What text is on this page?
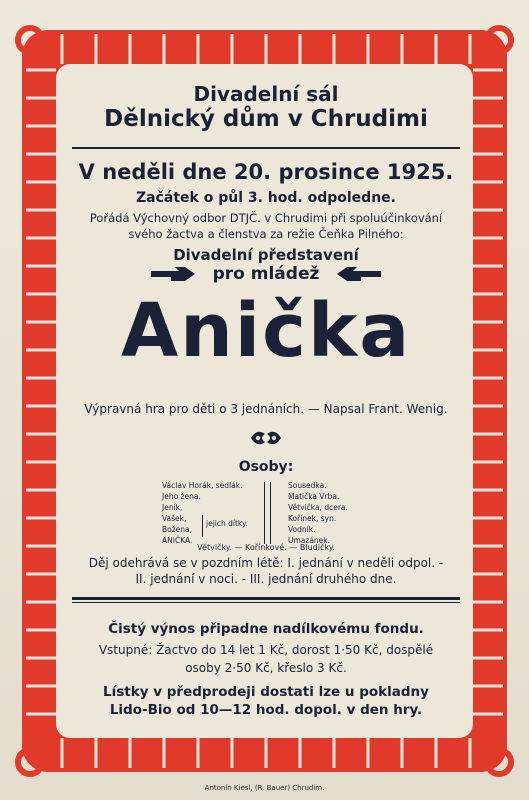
Divadelní sál
Dělnický dům v Chrudimi
V neděli dne 20. prosince 1925.
Začátek o půl 3. hod. odpoledne.
Pořádá Výchovný odbor DTJČ. v Chrudimi při spoluúčinkování
svého žactva a členstva za režie Čeňka Pilného:
Divadelní představení
pro mládež
Anička
Výpravná hra pro děti o 3 jednáních. — Napsal Frant. Wenig.
Osoby:
Václav Horák, sedlák.
Jeho žena.
Jeník,
Vašek,
Božena,
ANIČKA.
jejich dítky.
Sousedka.
Matička Vrba.
Větvička, dcera.
Kořínek, syn.
Vodník.
Umazánek.
Větvičky. — Kořínkové. — Bludičky.
Děj odehrává se v pozdním létě: I. jednání v neděli odpol. -
II. jednání v noci. - III. jednání druhého dne.
Čistý výnos připadne nadílkovému fondu.
Vstupné: Žactvo do 14 let 1 Kč, dorost 1·50 Kč, dospělé
osoby 2·50 Kč, křeslo 3 Kč.
Lístky v předprodeji dostati lze u pokladny
Lido-Bio od 10—12 hod. dopol. v den hry.
Antonín Kiesl, (R. Bauer) Chrudim.
